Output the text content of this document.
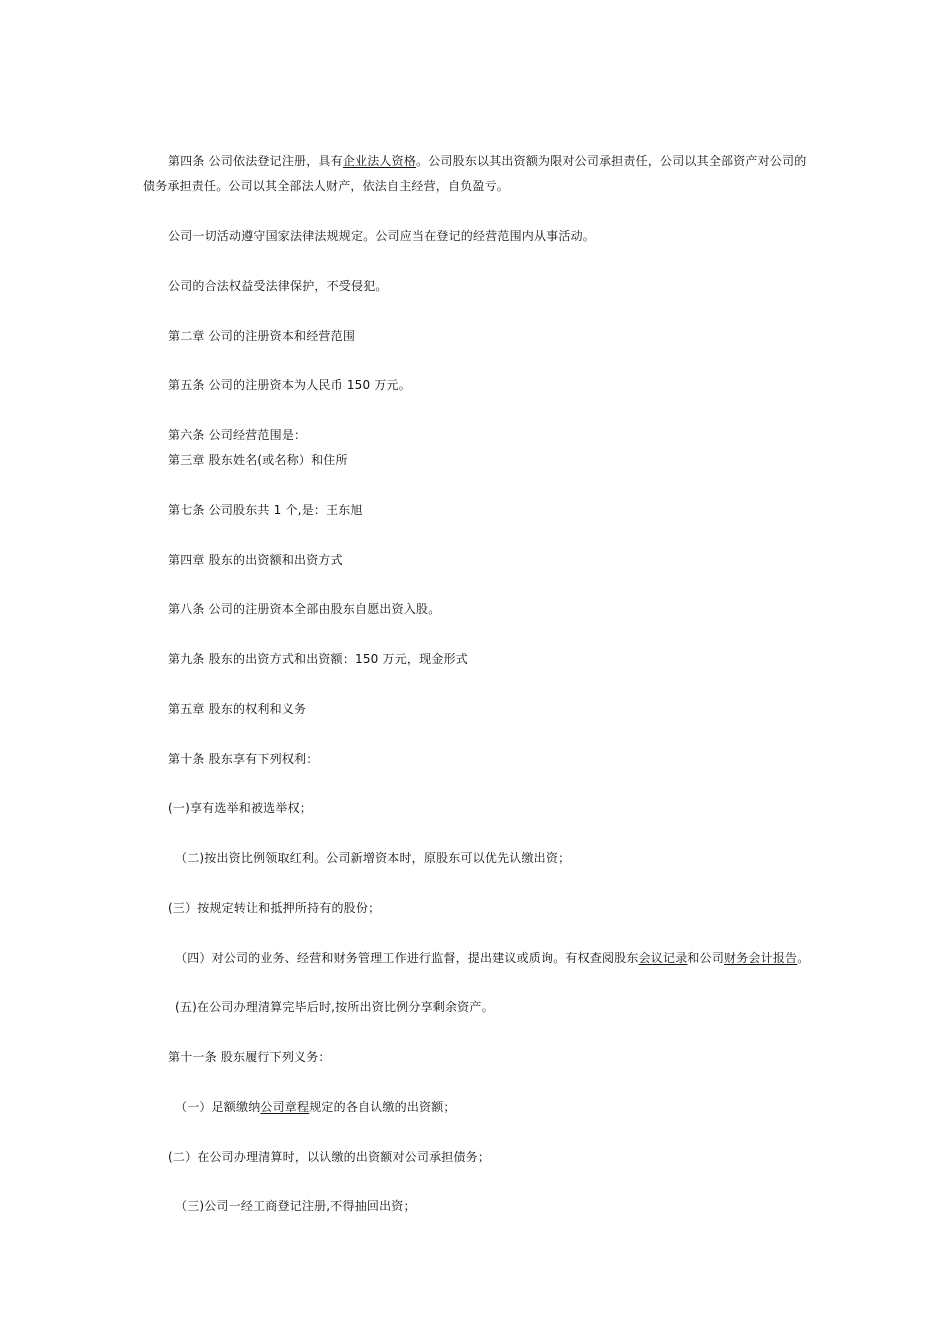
第四条 公司依法登记注册，具有企业法人资格。公司股东以其出资额为限对公司承担责任，公司以其全部资产对公司的
债务承担责任。公司以其全部法人财产，依法自主经营，自负盈亏。
公司一切活动遵守国家法律法规规定。公司应当在登记的经营范围内从事活动。
公司的合法权益受法律保护，不受侵犯。
第二章 公司的注册资本和经营范围
第五条 公司的注册资本为人民币 150 万元。
第六条 公司经营范围是：
第三章 股东姓名(或名称）和住所
第七条 公司股东共 1 个,是：王东旭
第四章 股东的出资额和出资方式
第八条 公司的注册资本全部由股东自愿出资入股。
第九条 股东的出资方式和出资额：150 万元，现金形式
第五章 股东的权利和义务
第十条 股东享有下列权利：
(一)享有选举和被选举权；
（二)按出资比例领取红利。公司新增资本时，原股东可以优先认缴出资；
(三）按规定转让和抵押所持有的股份；
（四）对公司的业务、经营和财务管理工作进行监督，提出建议或质询。有权查阅股东会议记录和公司财务会计报告。
(五)在公司办理清算完毕后时,按所出资比例分享剩余资产。
第十一条 股东履行下列义务：
（一）足额缴纳公司章程规定的各自认缴的出资额；
(二）在公司办理清算时，以认缴的出资额对公司承担债务；
（三)公司一经工商登记注册,不得抽回出资；
